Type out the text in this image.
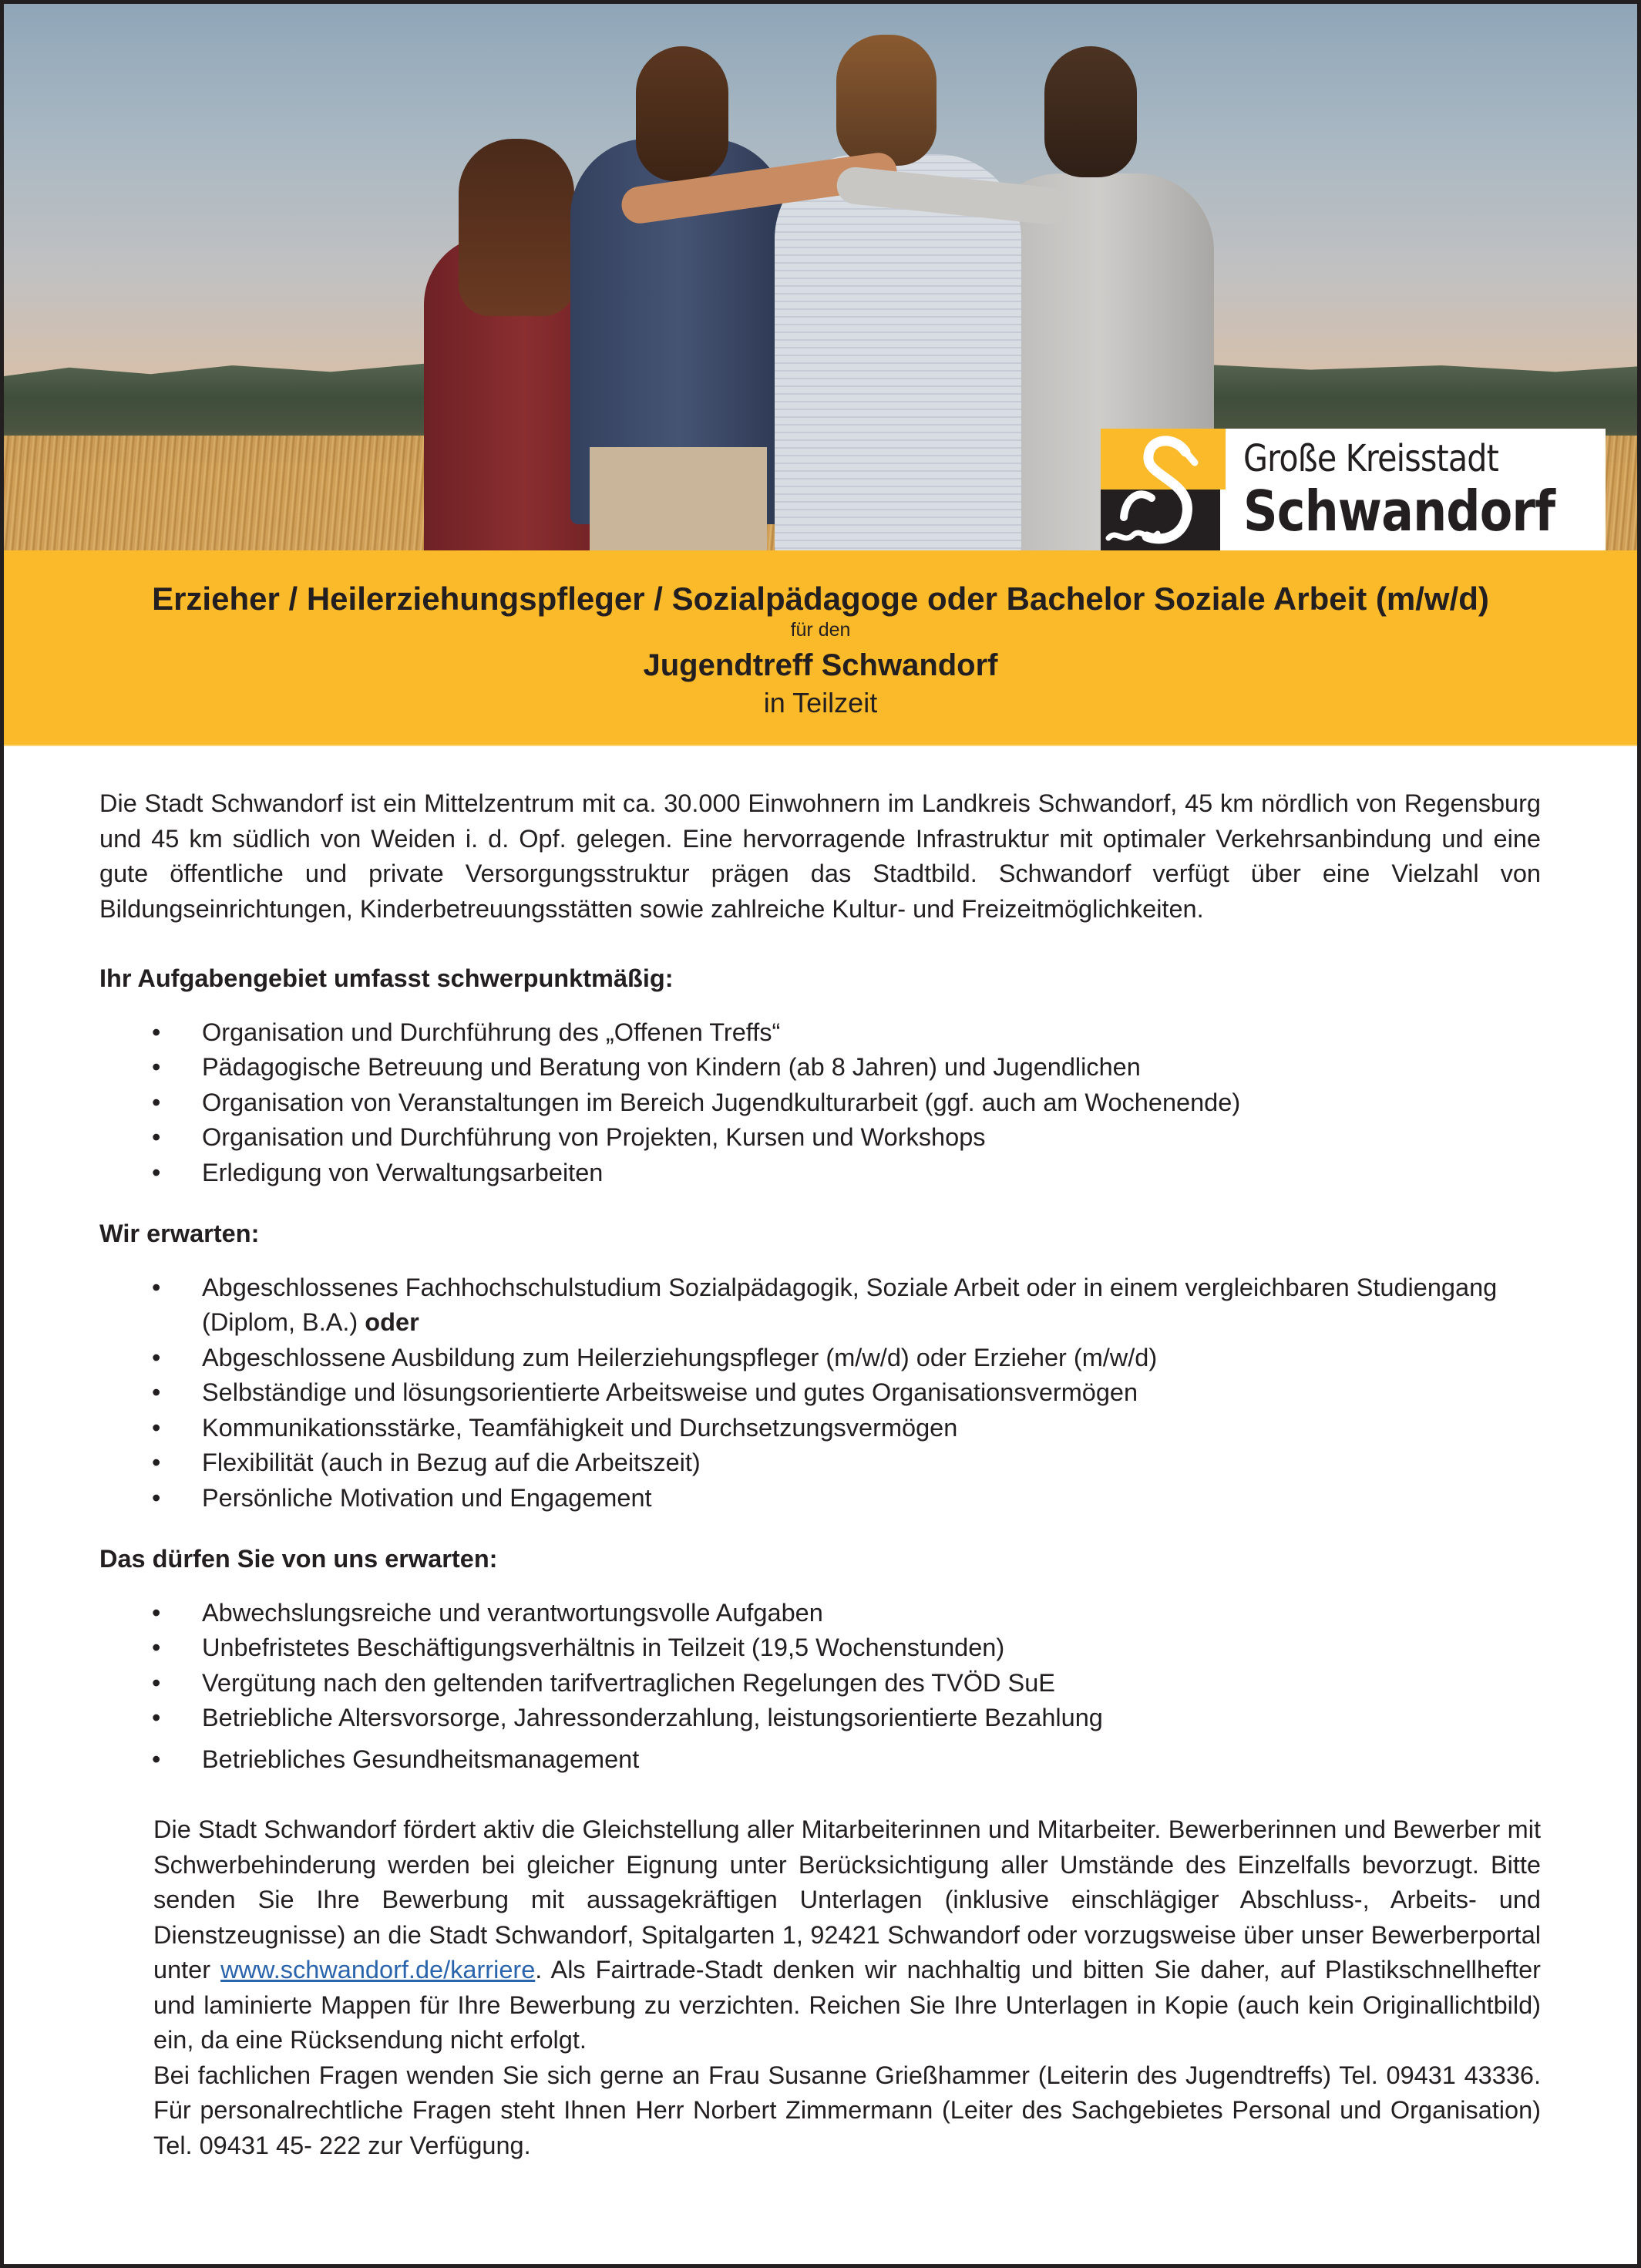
Große Kreisstadt
Schwandorf
Erzieher / Heilerziehungspfleger / Sozialpädagoge oder Bachelor Soziale Arbeit (m/w/d)
für den
Jugendtreff Schwandorf
in Teilzeit

Die Stadt Schwandorf ist ein Mittelzentrum mit ca. 30.000 Einwohnern im Landkreis Schwandorf, 45 km nördlich von Regensburg und 45 km südlich von Weiden i. d. Opf. gelegen. Eine hervorragende Infrastruktur mit optimaler Verkehrsanbindung und eine gute öffentliche und private Versorgungsstruktur prägen das Stadtbild. Schwandorf verfügt über eine Vielzahl von Bildungseinrichtungen, Kinderbetreuungsstätten sowie zahlreiche Kultur- und Freizeitmöglichkeiten.

Ihr Aufgabengebiet umfasst schwerpunktmäßig:

• Organisation und Durchführung des „Offenen Treffs“
• Pädagogische Betreuung und Beratung von Kindern (ab 8 Jahren) und Jugendlichen
• Organisation von Veranstaltungen im Bereich Jugendkulturarbeit (ggf. auch am Wochenende)
• Organisation und Durchführung von Projekten, Kursen und Workshops
• Erledigung von Verwaltungsarbeiten

Wir erwarten:

• Abgeschlossenes Fachhochschulstudium Sozialpädagogik, Soziale Arbeit oder in einem vergleichbaren Studiengang (Diplom, B.A.) oder
• Abgeschlossene Ausbildung zum Heilerziehungspfleger (m/w/d) oder Erzieher (m/w/d)
• Selbständige und lösungsorientierte Arbeitsweise und gutes Organisationsvermögen
• Kommunikationsstärke, Teamfähigkeit und Durchsetzungsvermögen
• Flexibilität (auch in Bezug auf die Arbeitszeit)
• Persönliche Motivation und Engagement

Das dürfen Sie von uns erwarten:

• Abwechslungsreiche und verantwortungsvolle Aufgaben
• Unbefristetes Beschäftigungsverhältnis in Teilzeit (19,5 Wochenstunden)
• Vergütung nach den geltenden tarifvertraglichen Regelungen des TVÖD SuE
• Betriebliche Altersvorsorge, Jahressonderzahlung, leistungsorientierte Bezahlung
• Betriebliches Gesundheitsmanagement

Die Stadt Schwandorf fördert aktiv die Gleichstellung aller Mitarbeiterinnen und Mitarbeiter. Bewerberinnen und Bewerber mit Schwerbehinderung werden bei gleicher Eignung unter Berücksichtigung aller Umstände des Einzelfalls bevorzugt. Bitte senden Sie Ihre Bewerbung mit aussagekräftigen Unterlagen (inklusive einschlägiger Abschluss-, Arbeits- und Dienstzeugnisse) an die Stadt Schwandorf, Spitalgarten 1, 92421 Schwandorf oder vorzugsweise über unser Bewerberportal unter www.schwandorf.de/karriere. Als Fairtrade-Stadt denken wir nachhaltig und bitten Sie daher, auf Plastikschnellhefter und laminierte Mappen für Ihre Bewerbung zu verzichten. Reichen Sie Ihre Unterlagen in Kopie (auch kein Originallichtbild) ein, da eine Rücksendung nicht erfolgt.

Bei fachlichen Fragen wenden Sie sich gerne an Frau Susanne Grießhammer (Leiterin des Jugendtreffs) Tel. 09431 43336. Für personalrechtliche Fragen steht Ihnen Herr Norbert Zimmermann (Leiter des Sachgebietes Personal und Organisation) Tel. 09431 45- 222 zur Verfügung.
